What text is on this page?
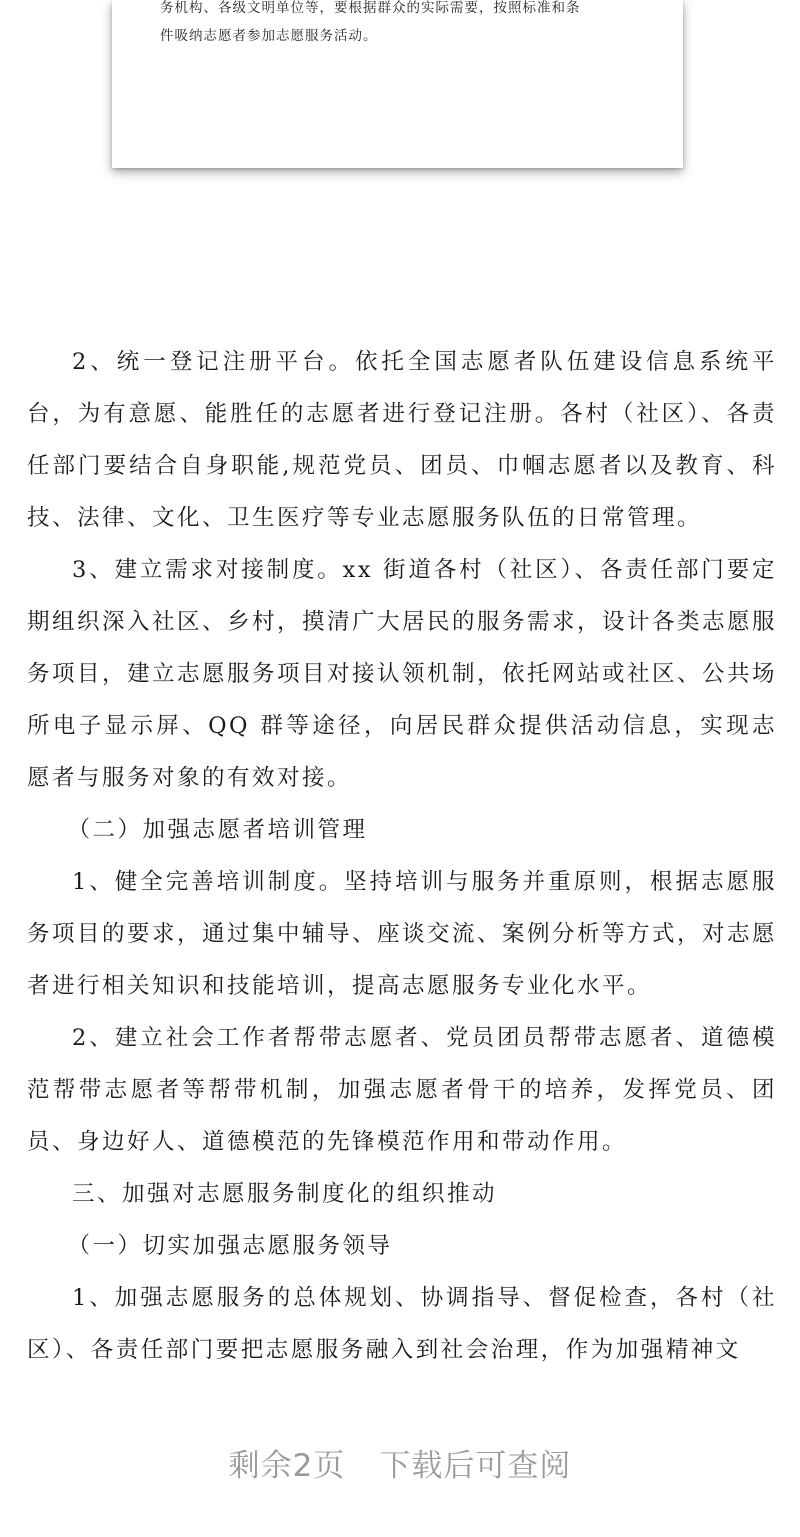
务机构、各级文明单位等，要根据群众的实际需要，按照标准和条

件吸纳志愿者参加志愿服务活动。

2、统一登记注册平台。依托全国志愿者队伍建设信息系统平台，为有意愿、能胜任的志愿者进行登记注册。各村（社区）、各责任部门要结合自身职能,规范党员、团员、巾帼志愿者以及教育、科技、法律、文化、卫生医疗等专业志愿服务队伍的日常管理。

3、建立需求对接制度。xx 街道各村（社区）、各责任部门要定期组织深入社区、乡村，摸清广大居民的服务需求，设计各类志愿服务项目，建立志愿服务项目对接认领机制，依托网站或社区、公共场所电子显示屏、QQ 群等途径，向居民群众提供活动信息，实现志愿者与服务对象的有效对接。

（二）加强志愿者培训管理

1、健全完善培训制度。坚持培训与服务并重原则，根据志愿服务项目的要求，通过集中辅导、座谈交流、案例分析等方式，对志愿者进行相关知识和技能培训，提高志愿服务专业化水平。

2、建立社会工作者帮带志愿者、党员团员帮带志愿者、道德模范帮带志愿者等帮带机制，加强志愿者骨干的培养，发挥党员、团员、身边好人、道德模范的先锋模范作用和带动作用。

三、加强对志愿服务制度化的组织推动

（一）切实加强志愿服务领导

1、加强志愿服务的总体规划、协调指导、督促检查，各村（社区）、各责任部门要把志愿服务融入到社会治理，作为加强精神文

剩余2页 下载后可查阅
